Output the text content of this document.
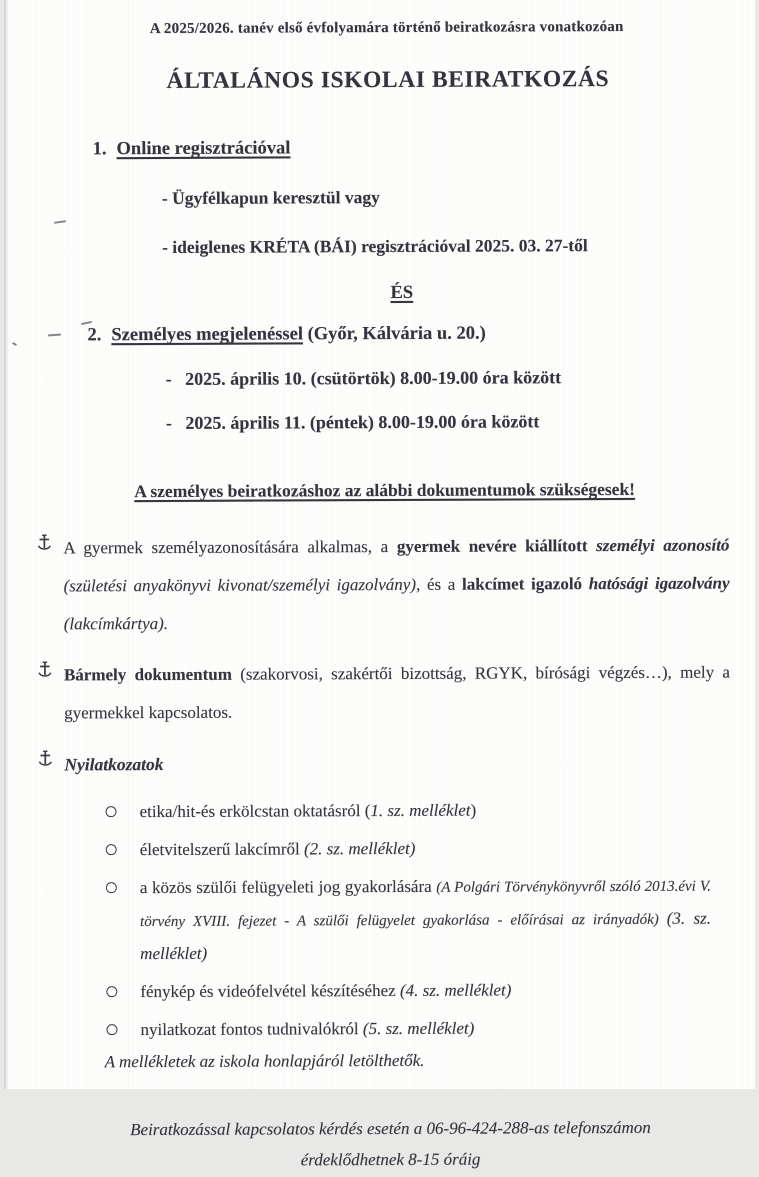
A 2025/2026. tanév első évfolyamára történő beiratkozásra vonatkozóan

ÁLTALÁNOS ISKOLAI BEIRATKOZÁS

1. Online regisztrációval

- Ügyfélkapun keresztül vagy

- ideiglenes KRÉTA (BÁI) regisztrációval 2025. 03. 27-től

ÉS

2. Személyes megjelenéssel (Győr, Kálvária u. 20.)

-   2025. április 10. (csütörtök) 8.00-19.00 óra között

-   2025. április 11. (péntek) 8.00-19.00 óra között

A személyes beiratkozáshoz az alábbi dokumentumok szükségesek!

A gyermek személyazonosítására alkalmas, a gyermek nevére kiállított személyi azonosító (születési anyakönyvi kivonat/személyi igazolvány), és a lakcímet igazoló hatósági igazolvány (lakcímkártya).

Bármely dokumentum (szakorvosi, szakértői bizottság, RGYK, bírósági végzés…), mely a gyermekkel kapcsolatos.

Nyilatkozatok

etika/hit-és erkölcstan oktatásról (1. sz. melléklet)
életvitelszerű lakcímről (2. sz. melléklet)
a közös szülői felügyeleti jog gyakorlására (A Polgári Törvénykönyvről szóló 2013.évi V. törvény XVIII. fejezet - A szülői felügyelet gyakorlása - előírásai az irányadók) (3. sz. melléklet)
fénykép és videófelvétel készítéséhez (4. sz. melléklet)
nyilatkozat fontos tudnivalókról (5. sz. melléklet)

A mellékletek az iskola honlapjáról letölthetők.

Beiratkozással kapcsolatos kérdés esetén a 06-96-424-288-as telefonszámon érdeklődhetnek 8-15 óráig
